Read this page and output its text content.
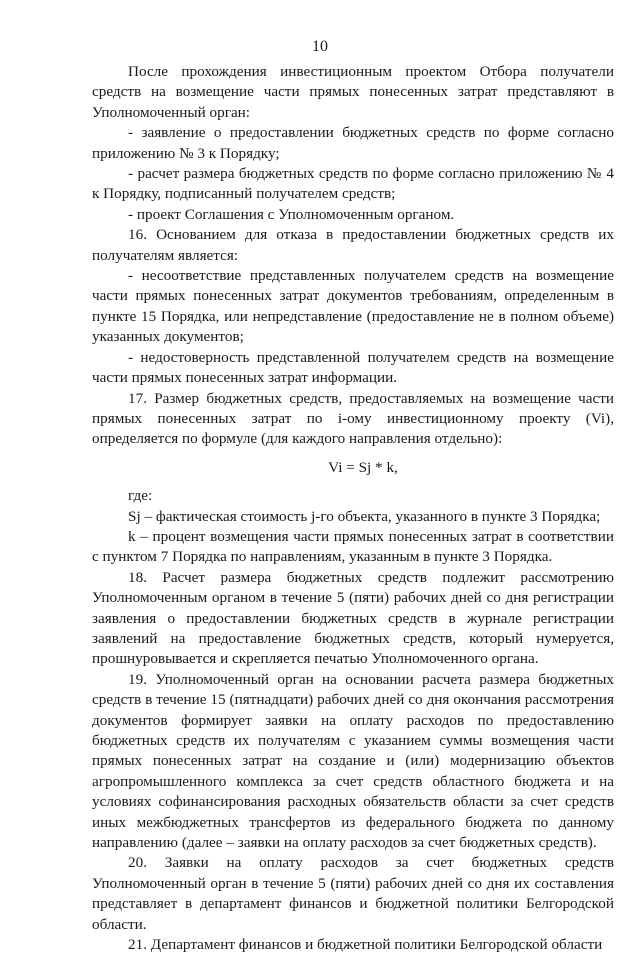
10

После прохождения инвестиционным проектом Отбора получатели средств на возмещение части прямых понесенных затрат представляют в Уполномоченный орган:

- заявление о предоставлении бюджетных средств по форме согласно приложению № 3 к Порядку;

- расчет размера бюджетных средств по форме согласно приложению № 4 к Порядку, подписанный получателем средств;

- проект Соглашения с Уполномоченным органом.

16. Основанием для отказа в предоставлении бюджетных средств их получателям является:

- несоответствие представленных получателем средств на возмещение части прямых понесенных затрат документов требованиям, определенным в пункте 15 Порядка, или непредставление (предоставление не в полном объеме) указанных документов;

- недостоверность представленной получателем средств на возмещение части прямых понесенных затрат информации.

17. Размер бюджетных средств, предоставляемых на возмещение части прямых понесенных затрат по i-ому инвестиционному проекту (Vi), определяется по формуле (для каждого направления отдельно):

Vi = Sj * k,

где:

Sj – фактическая стоимость j-го объекта, указанного в пункте 3 Порядка;

k – процент возмещения части прямых понесенных затрат в соответствии с пунктом 7 Порядка по направлениям, указанным в пункте 3 Порядка.

18. Расчет размера бюджетных средств подлежит рассмотрению Уполномоченным органом в течение 5 (пяти) рабочих дней со дня регистрации заявления о предоставлении бюджетных средств в журнале регистрации заявлений на предоставление бюджетных средств, который нумеруется, прошнуровывается и скрепляется печатью Уполномоченного органа.

19. Уполномоченный орган на основании расчета размера бюджетных средств в течение 15 (пятнадцати) рабочих дней со дня окончания рассмотрения документов формирует заявки на оплату расходов по предоставлению бюджетных средств их получателям с указанием суммы возмещения части прямых понесенных затрат на создание и (или) модернизацию объектов агропромышленного комплекса за счет средств областного бюджета и на условиях софинансирования расходных обязательств области за счет средств иных межбюджетных трансфертов из федерального бюджета по данному направлению (далее – заявки на оплату расходов за счет бюджетных средств).

20. Заявки на оплату расходов за счет бюджетных средств Уполномоченный орган в течение 5 (пяти) рабочих дней со дня их составления представляет в департамент финансов и бюджетной политики Белгородской области.

21. Департамент финансов и бюджетной политики Белгородской области
